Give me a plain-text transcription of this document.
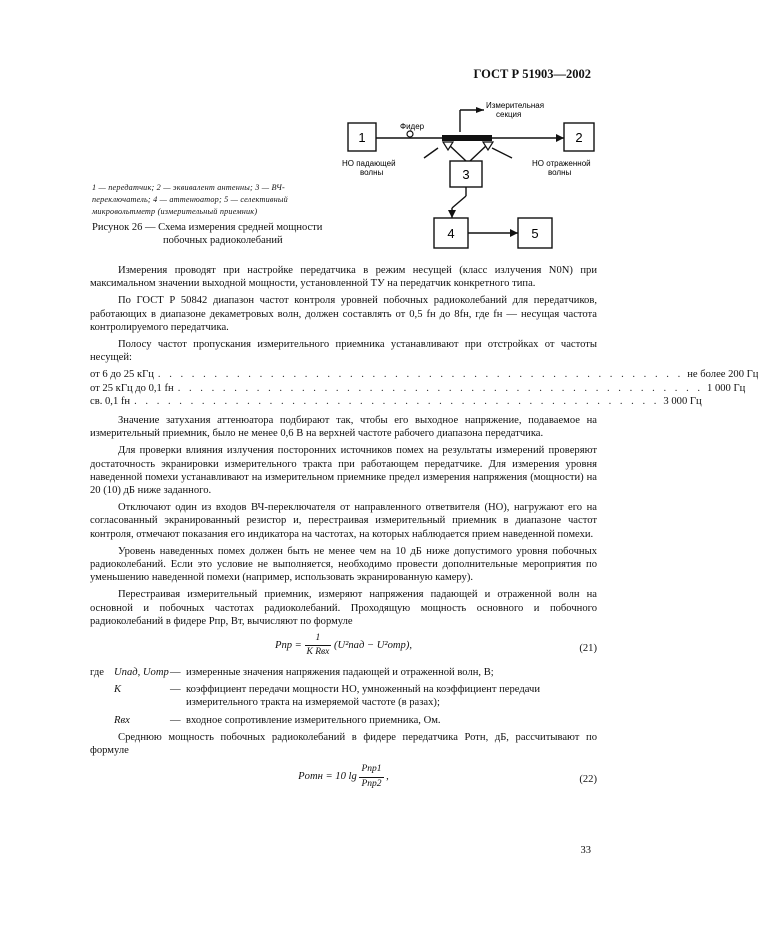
ГОСТ Р 51903—2002
1	2
3
4	5
Фидер
Измерительная
секция
НО падающей
волны
НО отраженной
волны
1 — передатчик; 2 — эквивалент антенны; 3 — ВЧ-переключатель; 4 — аттенюатор; 5 — селективный микровольтметр (измерительный приемник)
Рисунок 26 — Схема измерения средней мощности
побочных радиоколебаний

Измерения проводят при настройке передатчика в режим несущей (класс излучения N0N) при максимальном значении выходной мощности, установленной ТУ на передатчик конкретного типа.

По ГОСТ Р 50842 диапазон частот контроля уровней побочных радиоколебаний для передатчиков, работающих в диапазоне декаметровых волн, должен составлять от 0,5 fн до 8fн, где fн — несущая частота контролируемого передатчика.

Полосу частот пропускания измерительного приемника устанавливают при отстройках от частоты несущей:

от 6 до 25 кГц . . . . . . . . . . . . . . . . . . . . . . . . . . . . . . . . . . . . . . . . . . . . . . . не более 200 Гц
от 25 кГц до 0,1 fн . . . . . . . . . . . . . . . . . . . . . . . . . . . . . . . . . . . . . . . . . . . . . . . 1 000 Гц
св. 0,1 fн . . . . . . . . . . . . . . . . . . . . . . . . . . . . . . . . . . . . . . . . . . . . . . . 3 000 Гц

Значение затухания аттенюатора подбирают так, чтобы его выходное напряжение, подаваемое на измерительный приемник, было не менее 0,6 В на верхней частоте рабочего диапазона передатчика.

Для проверки влияния излучения посторонних источников помех на результаты измерений проверяют достаточность экранировки измерительного тракта при работающем передатчике. Для измерения уровня наведенной помехи устанавливают на измерительном приемнике предел измерения напряжения (мощности) на 20 (10) дБ ниже заданного.

Отключают один из входов ВЧ-переключателя от направленного ответвителя (НО), нагружают его на согласованный экранированный резистор и, перестраивая измерительный приемник в диапазоне частот контроля, отмечают показания его индикатора на частотах, на которых наблюдается прием наведенной помехи.

Уровень наведенных помех должен быть не менее чем на 10 дБ ниже допустимого уровня побочных радиоколебаний. Если это условие не выполняется, необходимо провести дополнительные мероприятия по уменьшению наведенной помехи (например, использовать экранированную камеру).

Перестраивая измерительный приемник, измеряют напряжения падающей и отраженной волн на основной и побочных частотах радиоколебаний. Проходящую мощность основного и побочного радиоколебаний в фидере Рпр, Вт, вычисляют по формуле

Pпр = $\frac{1}{\text{K Rвх}} (U^2пад - U^2отр)$,	(21)
где Uпад, Uотр — измеренные значения напряжения падающей и отраженной волн, В;
K	— коэффициент передачи мощности НО, умноженный на коэффициент передачи измерительного тракта на измеряемой частоте (в разах);
Rвх	— входное сопротивление измерительного приемника, Ом.

Среднюю мощность побочных радиоколебаний в фидере передатчика Ротн, дБ, рассчитывают по формуле

Pотн = 10 $\lg \frac{\text{Pпр1}}{\text{Pпр2}}$ ,	(22)
33
